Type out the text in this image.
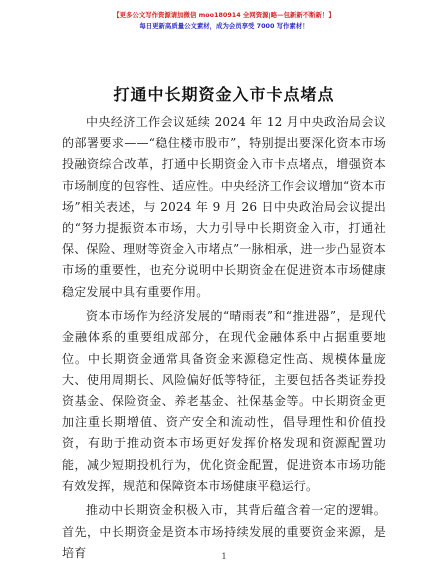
【更多公文写作资源请加微信 moo180914 全网资源|略—包新新不断新！】
每日更新高质量公文素材，成为会员享受 7000 写作素材！
打通中长期资金入市卡点堵点

中央经济工作会议延续 2024 年 12 月中央政治局会议的部署要求——“稳住楼市股市”，特别提出要深化资本市场投融资综合改革，打通中长期资金入市卡点堵点，增强资本市场制度的包容性、适应性。中央经济工作会议增加“资本市场”相关表述，与 2024 年 9 月 26 日中央政治局会议提出的“努力提振资本市场，大力引导中长期资金入市，打通社保、保险、理财等资金入市堵点”一脉相承，进一步凸显资本市场的重要性，也充分说明中长期资金在促进资本市场健康稳定发展中具有重要作用。

资本市场作为经济发展的“晴雨表”和“推进器”，是现代金融体系的重要组成部分，在现代金融体系中占据重要地位。中长期资金通常具备资金来源稳定性高、规模体量庞大、使用周期长、风险偏好低等特征，主要包括各类证券投资基金、保险资金、养老基金、社保基金等。中长期资金更加注重长期增值、资产安全和流动性，倡导理性和价值投资，有助于推动资本市场更好发挥价格发现和资源配置功能，减少短期投机行为，优化资金配置，促进资本市场功能有效发挥，规范和保障资本市场健康平稳运行。

推动中长期资金积极入市，其背后蕴含着一定的逻辑。首先，中长期资金是资本市场持续发展的重要资金来源，是培育	1
